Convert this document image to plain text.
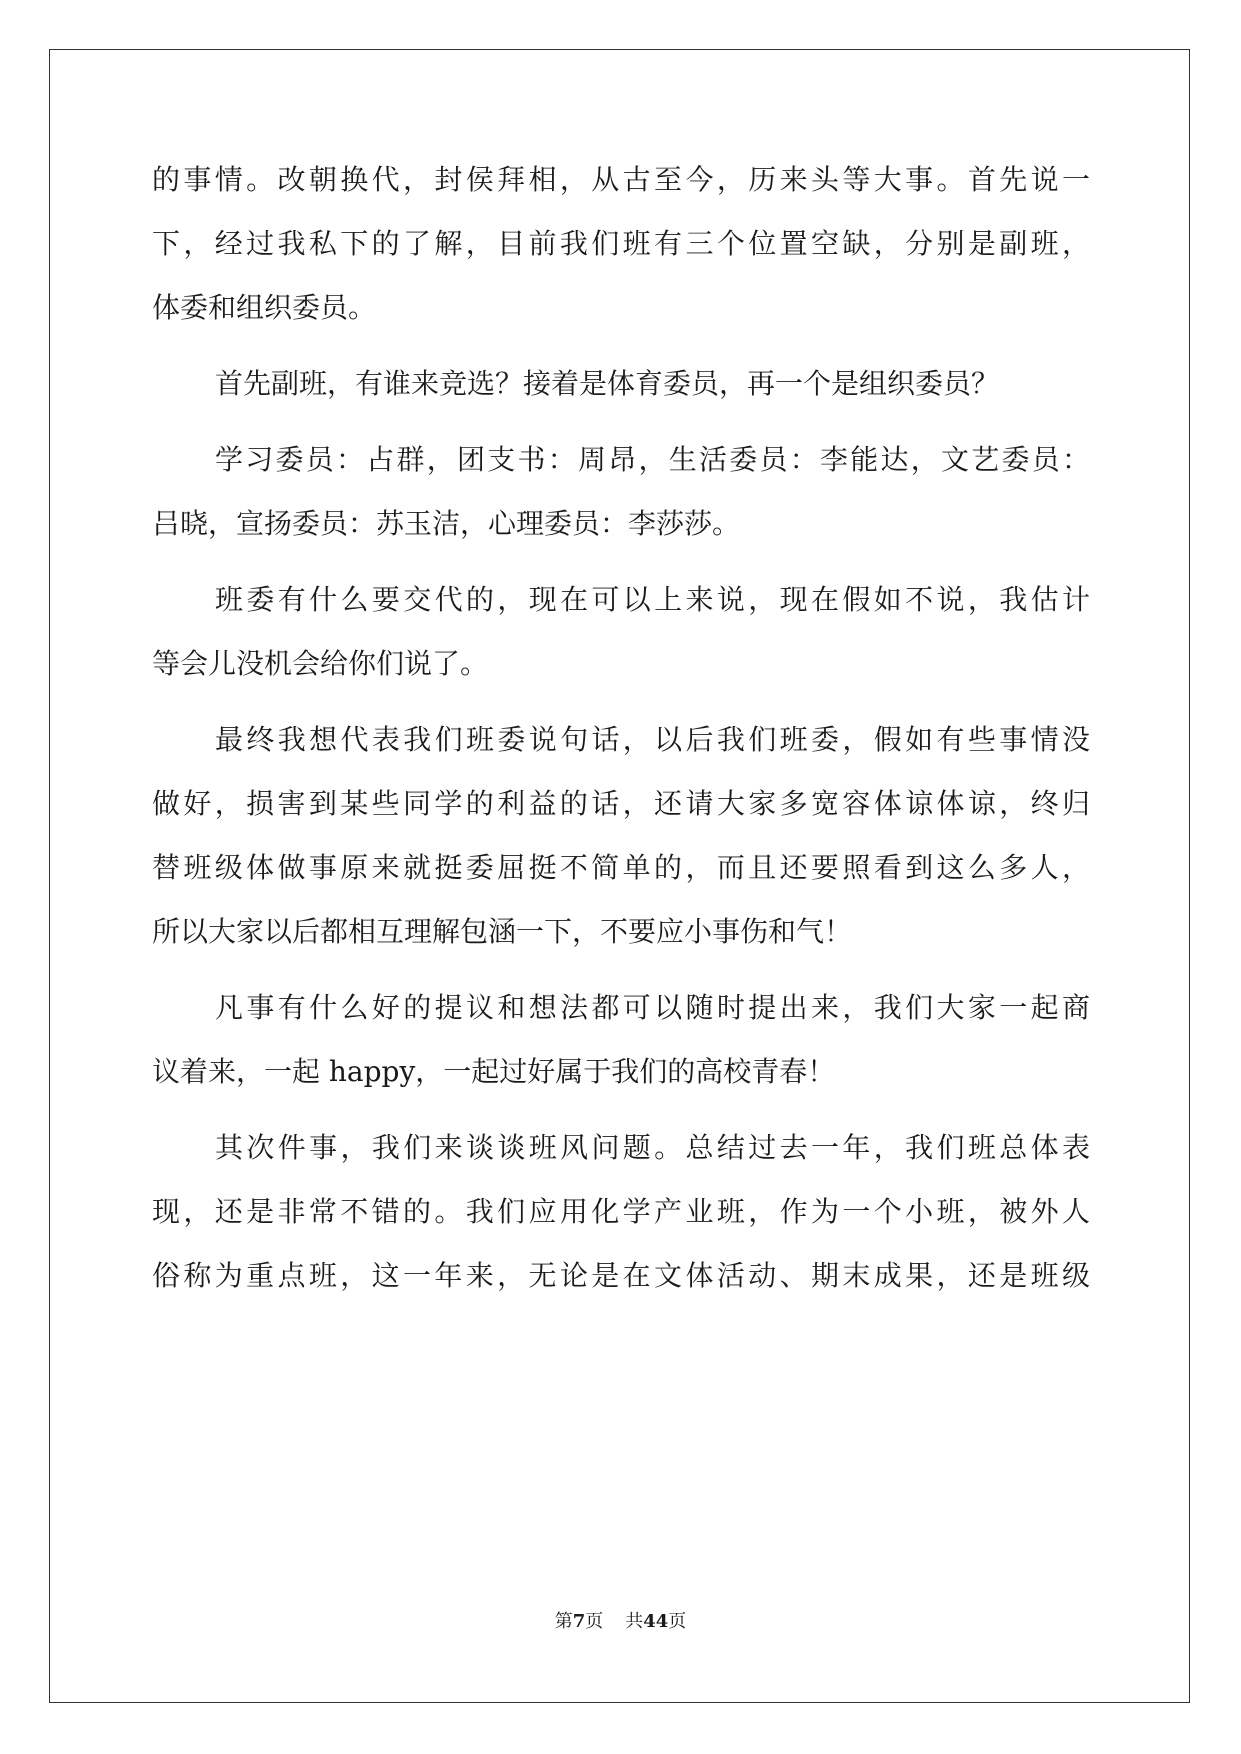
的事情。改朝换代，封侯拜相，从古至今，历来头等大事。首先说一
下，经过我私下的了解，目前我们班有三个位置空缺，分别是副班，
体委和组织委员。
首先副班，有谁来竞选？接着是体育委员，再一个是组织委员？
学习委员：占群，团支书：周昂，生活委员：李能达，文艺委员：
吕晓，宣扬委员：苏玉洁，心理委员：李莎莎。
班委有什么要交代的，现在可以上来说，现在假如不说，我估计
等会儿没机会给你们说了。
最终我想代表我们班委说句话，以后我们班委，假如有些事情没
做好，损害到某些同学的利益的话，还请大家多宽容体谅体谅，终归
替班级体做事原来就挺委屈挺不简单的，而且还要照看到这么多人，
所以大家以后都相互理解包涵一下，不要应小事伤和气！
凡事有什么好的提议和想法都可以随时提出来，我们大家一起商
议着来，一起 happy，一起过好属于我们的高校青春！
其次件事，我们来谈谈班风问题。总结过去一年，我们班总体表
现，还是非常不错的。我们应用化学产业班，作为一个小班，被外人
俗称为重点班，这一年来，无论是在文体活动、期末成果，还是班级
第7页 共44页
